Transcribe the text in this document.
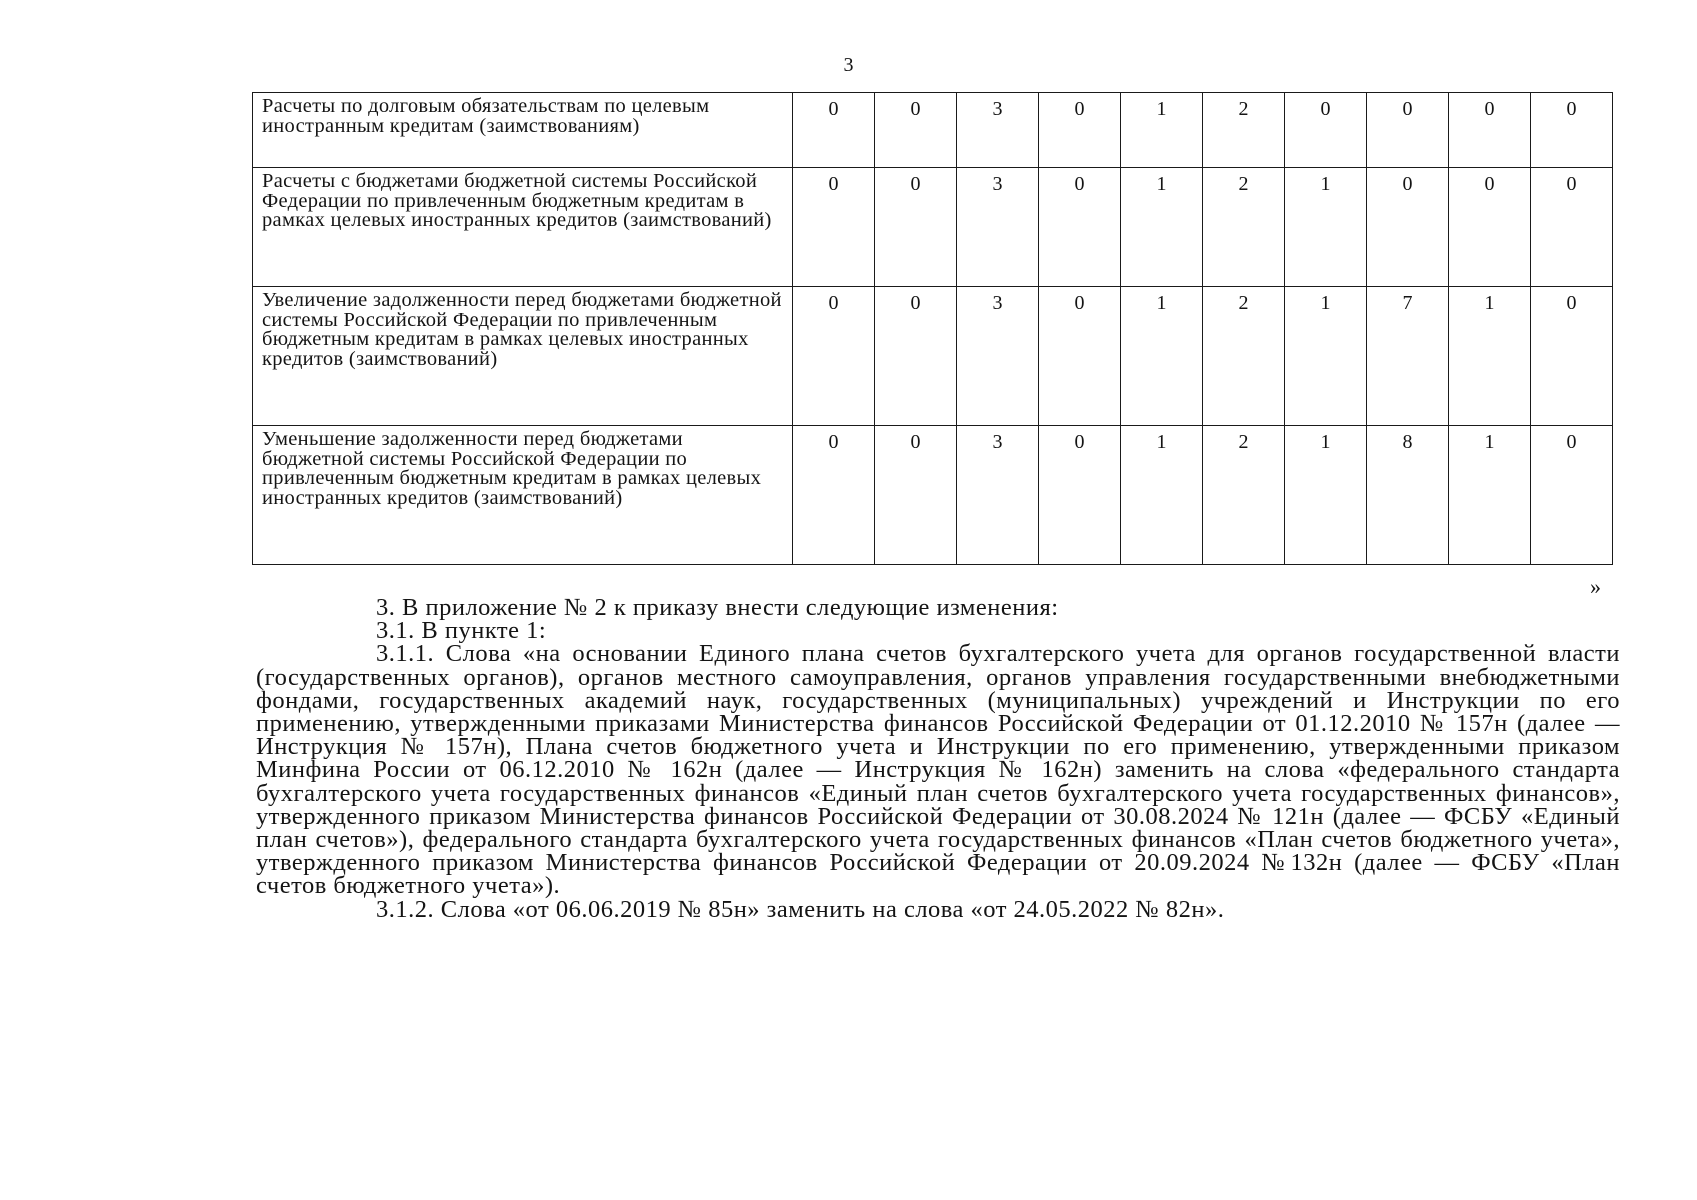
3
Расчеты по долговым обязательствам по целевым иностранным кредитам (заимствованиям)	0	0	3	0	1	2	0	0	0	0
Расчеты с бюджетами бюджетной системы Российской Федерации по привлеченным бюджетным кредитам в рамках целевых иностранных кредитов (заимствований)	0	0	3	0	1	2	1	0	0	0
Увеличение задолженности перед бюджетами бюджетной системы Российской Федерации по привлеченным бюджетным кредитам в рамках целевых иностранных кредитов (заимствований)	0	0	3	0	1	2	1	7	1	0
Уменьшение задолженности перед бюджетами бюджетной системы Российской Федерации по привлеченным бюджетным кредитам в рамках целевых иностранных кредитов (заимствований)	0	0	3	0	1	2	1	8	1	0
»

3. В приложение № 2 к приказу внести следующие изменения:

3.1. В пункте 1:

3.1.1. Слова «на основании Единого плана счетов бухгалтерского учета для органов государственной власти (государственных органов), органов местного самоуправления, органов управления государственными внебюджетными фондами, государственных академий наук, государственных (муниципальных) учреждений и Инструкции по его применению, утвержденными приказами Министерства финансов Российской Федерации от 01.12.2010 № 157н (далее — Инструкция № 157н), Плана счетов бюджетного учета и Инструкции по его применению, утвержденными приказом Минфина России от 06.12.2010 № 162н (далее — Инструкция № 162н) заменить на слова «федерального стандарта бухгалтерского учета государственных финансов «Единый план счетов бухгалтерского учета государственных финансов», утвержденного приказом Министерства финансов Российской Федерации от 30.08.2024 № 121н (далее — ФСБУ «Единый план счетов»), федерального стандарта бухгалтерского учета государственных финансов «План счетов бюджетного учета», утвержденного приказом Министерства финансов Российской Федерации от 20.09.2024 №132н (далее — ФСБУ «План счетов бюджетного учета»).

3.1.2. Слова «от 06.06.2019 № 85н» заменить на слова «от 24.05.2022 № 82н».
